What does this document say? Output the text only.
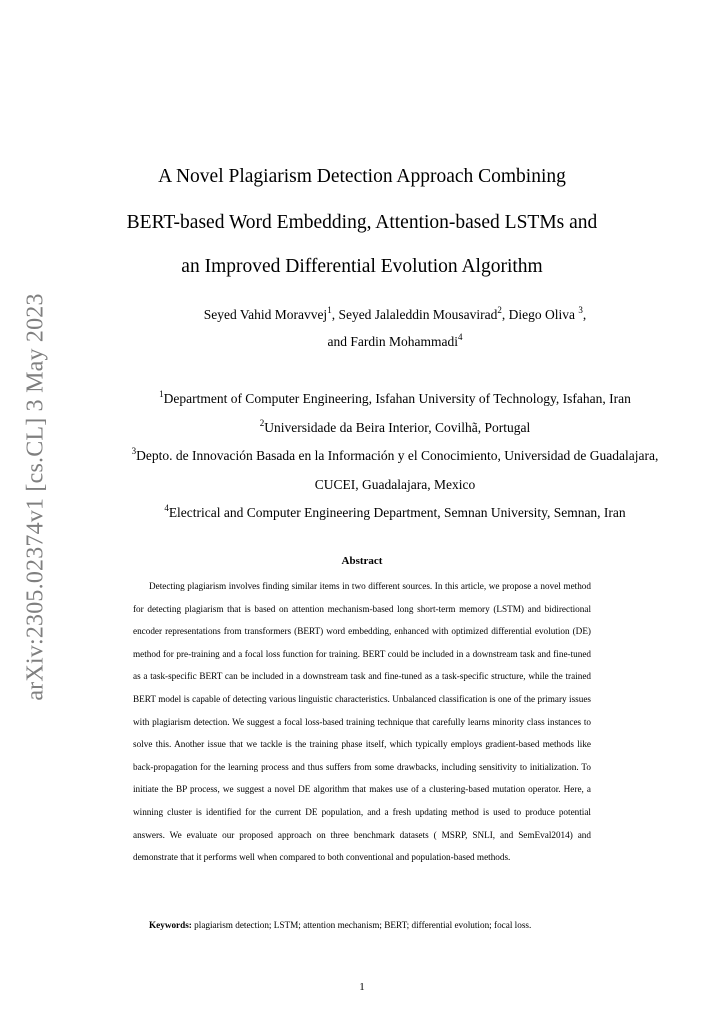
arXiv:2305.02374v1 [cs.CL] 3 May 2023
A Novel Plagiarism Detection Approach Combining
BERT-based Word Embedding, Attention-based LSTMs and
an Improved Differential Evolution Algorithm
Seyed Vahid Moravvej$^1$, Seyed Jalaleddin Mousavirad$^2$, Diego Oliva $^3$,
and Fardin Mohammadi$^4$
$^1$Department of Computer Engineering, Isfahan University of Technology, Isfahan, Iran
$^2$Universidade da Beira Interior, Covilhã, Portugal
$^3$Depto. de Innovación Basada en la Información y el Conocimiento, Universidad de Guadalajara,
CUCEI, Guadalajara, Mexico
$^4$Electrical and Computer Engineering Department, Semnan University, Semnan, Iran
Abstract

Detecting plagiarism involves finding similar items in two different sources. In this article, we propose a novel method for detecting plagiarism that is based on attention mechanism-based long short-term memory (LSTM) and bidirectional encoder representations from transformers (BERT) word embedding, enhanced with optimized differential evolution (DE) method for pre-training and a focal loss function for training. BERT could be included in a downstream task and fine-tuned as a task-specific BERT can be included in a downstream task and fine-tuned as a task-specific structure, while the trained BERT model is capable of detecting various linguistic characteristics. Unbalanced classification is one of the primary issues with plagiarism detection. We suggest a focal loss-based training technique that carefully learns minority class instances to solve this. Another issue that we tackle is the training phase itself, which typically employs gradient-based methods like back-propagation for the learning process and thus suffers from some drawbacks, including sensitivity to initialization. To initiate the BP process, we suggest a novel DE algorithm that makes use of a clustering-based mutation operator. Here, a winning cluster is identified for the current DE population, and a fresh updating method is used to produce potential answers. We evaluate our proposed approach on three benchmark datasets ( MSRP, SNLI, and SemEval2014) and demonstrate that it performs well when compared to both conventional and population-based methods.

Keywords: plagiarism detection; LSTM; attention mechanism; BERT; differential evolution; focal loss.

1
